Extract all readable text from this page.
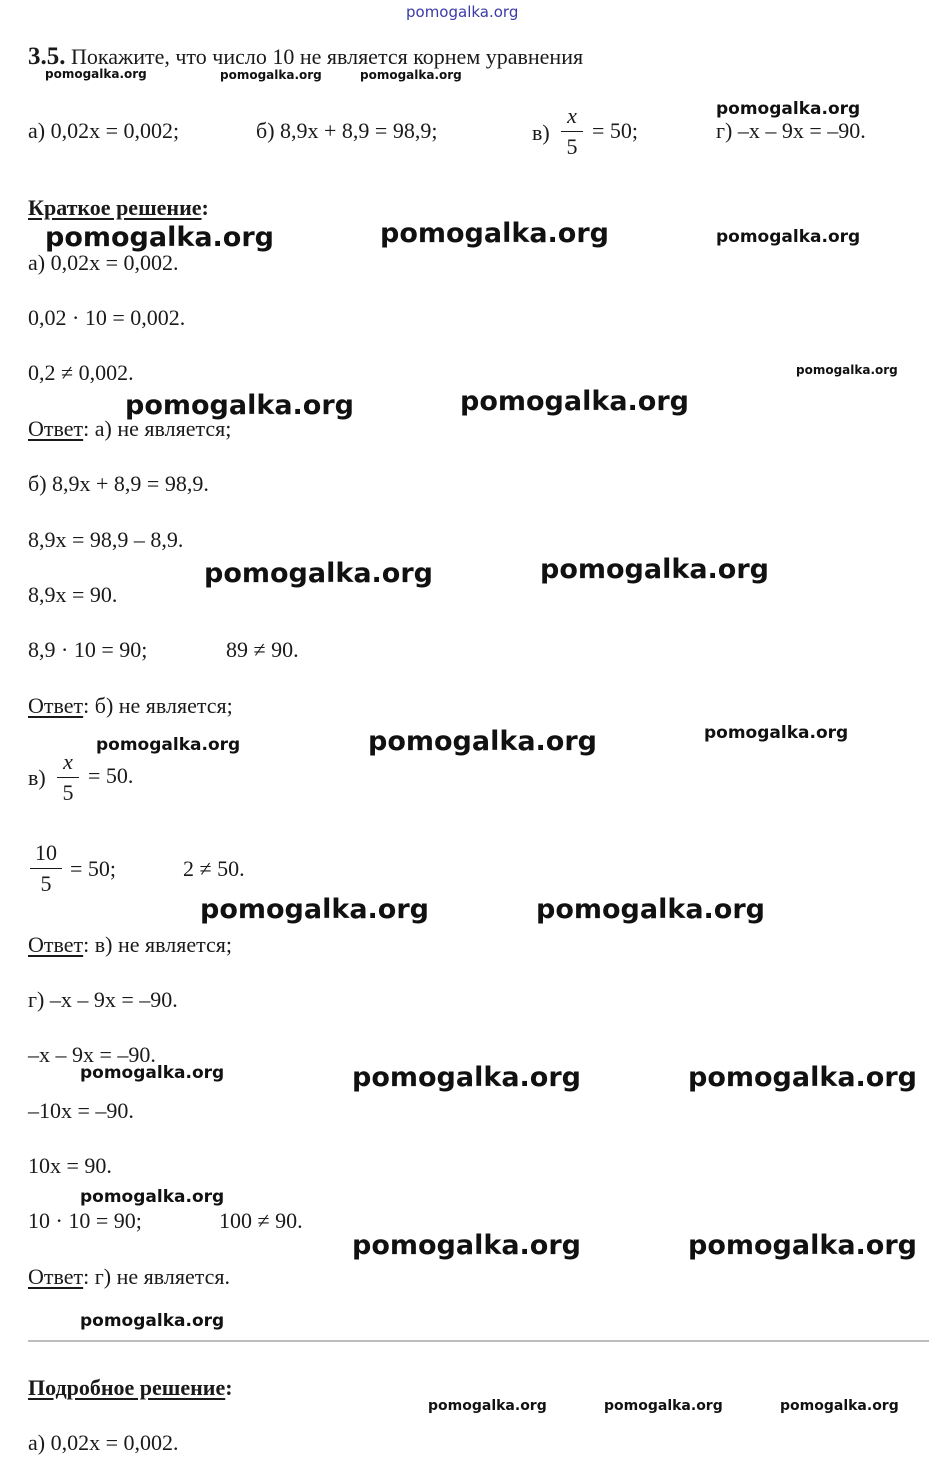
pomogalka.org
3.5. Покажите, что число 10 не является корнем уравнения
pomogalka.org	pomogalka.org	pomogalka.org
а) 0,02x = 0,002;	б) 8,9x + 8,9 = 98,9;	в)
x
5
= 50;
pomogalka.org
г) –x – 9x = –90.
Краткое решение:
pomogalka.org	pomogalka.org	pomogalka.org
а) 0,02x = 0,002.
0,02 · 10 = 0,002.
0,2 ≠ 0,002.	pomogalka.org
pomogalka.org	pomogalka.org
Ответ: а) не является;
б) 8,9x + 8,9 = 98,9.
8,9x = 98,9 – 8,9.
pomogalka.org	pomogalka.org
8,9x = 90.
8,9 · 10 = 90;	89 ≠ 90.
Ответ: б) не является;
pomogalka.org	pomogalka.org	pomogalka.org
в)
x
5
= 50.
10
5
= 50;	2 ≠ 50.
pomogalka.org	pomogalka.org
Ответ: в) не является;
г) –x – 9x = –90.
–x – 9x = –90.
pomogalka.org	pomogalka.org	pomogalka.org
–10x = –90.
10x = 90.
pomogalka.org
10 · 10 = 90;	100 ≠ 90.
pomogalka.org	pomogalka.org
Ответ: г) не является.
pomogalka.org
Подробное решение:
pomogalka.org	pomogalka.org	pomogalka.org
а) 0,02x = 0,002.
